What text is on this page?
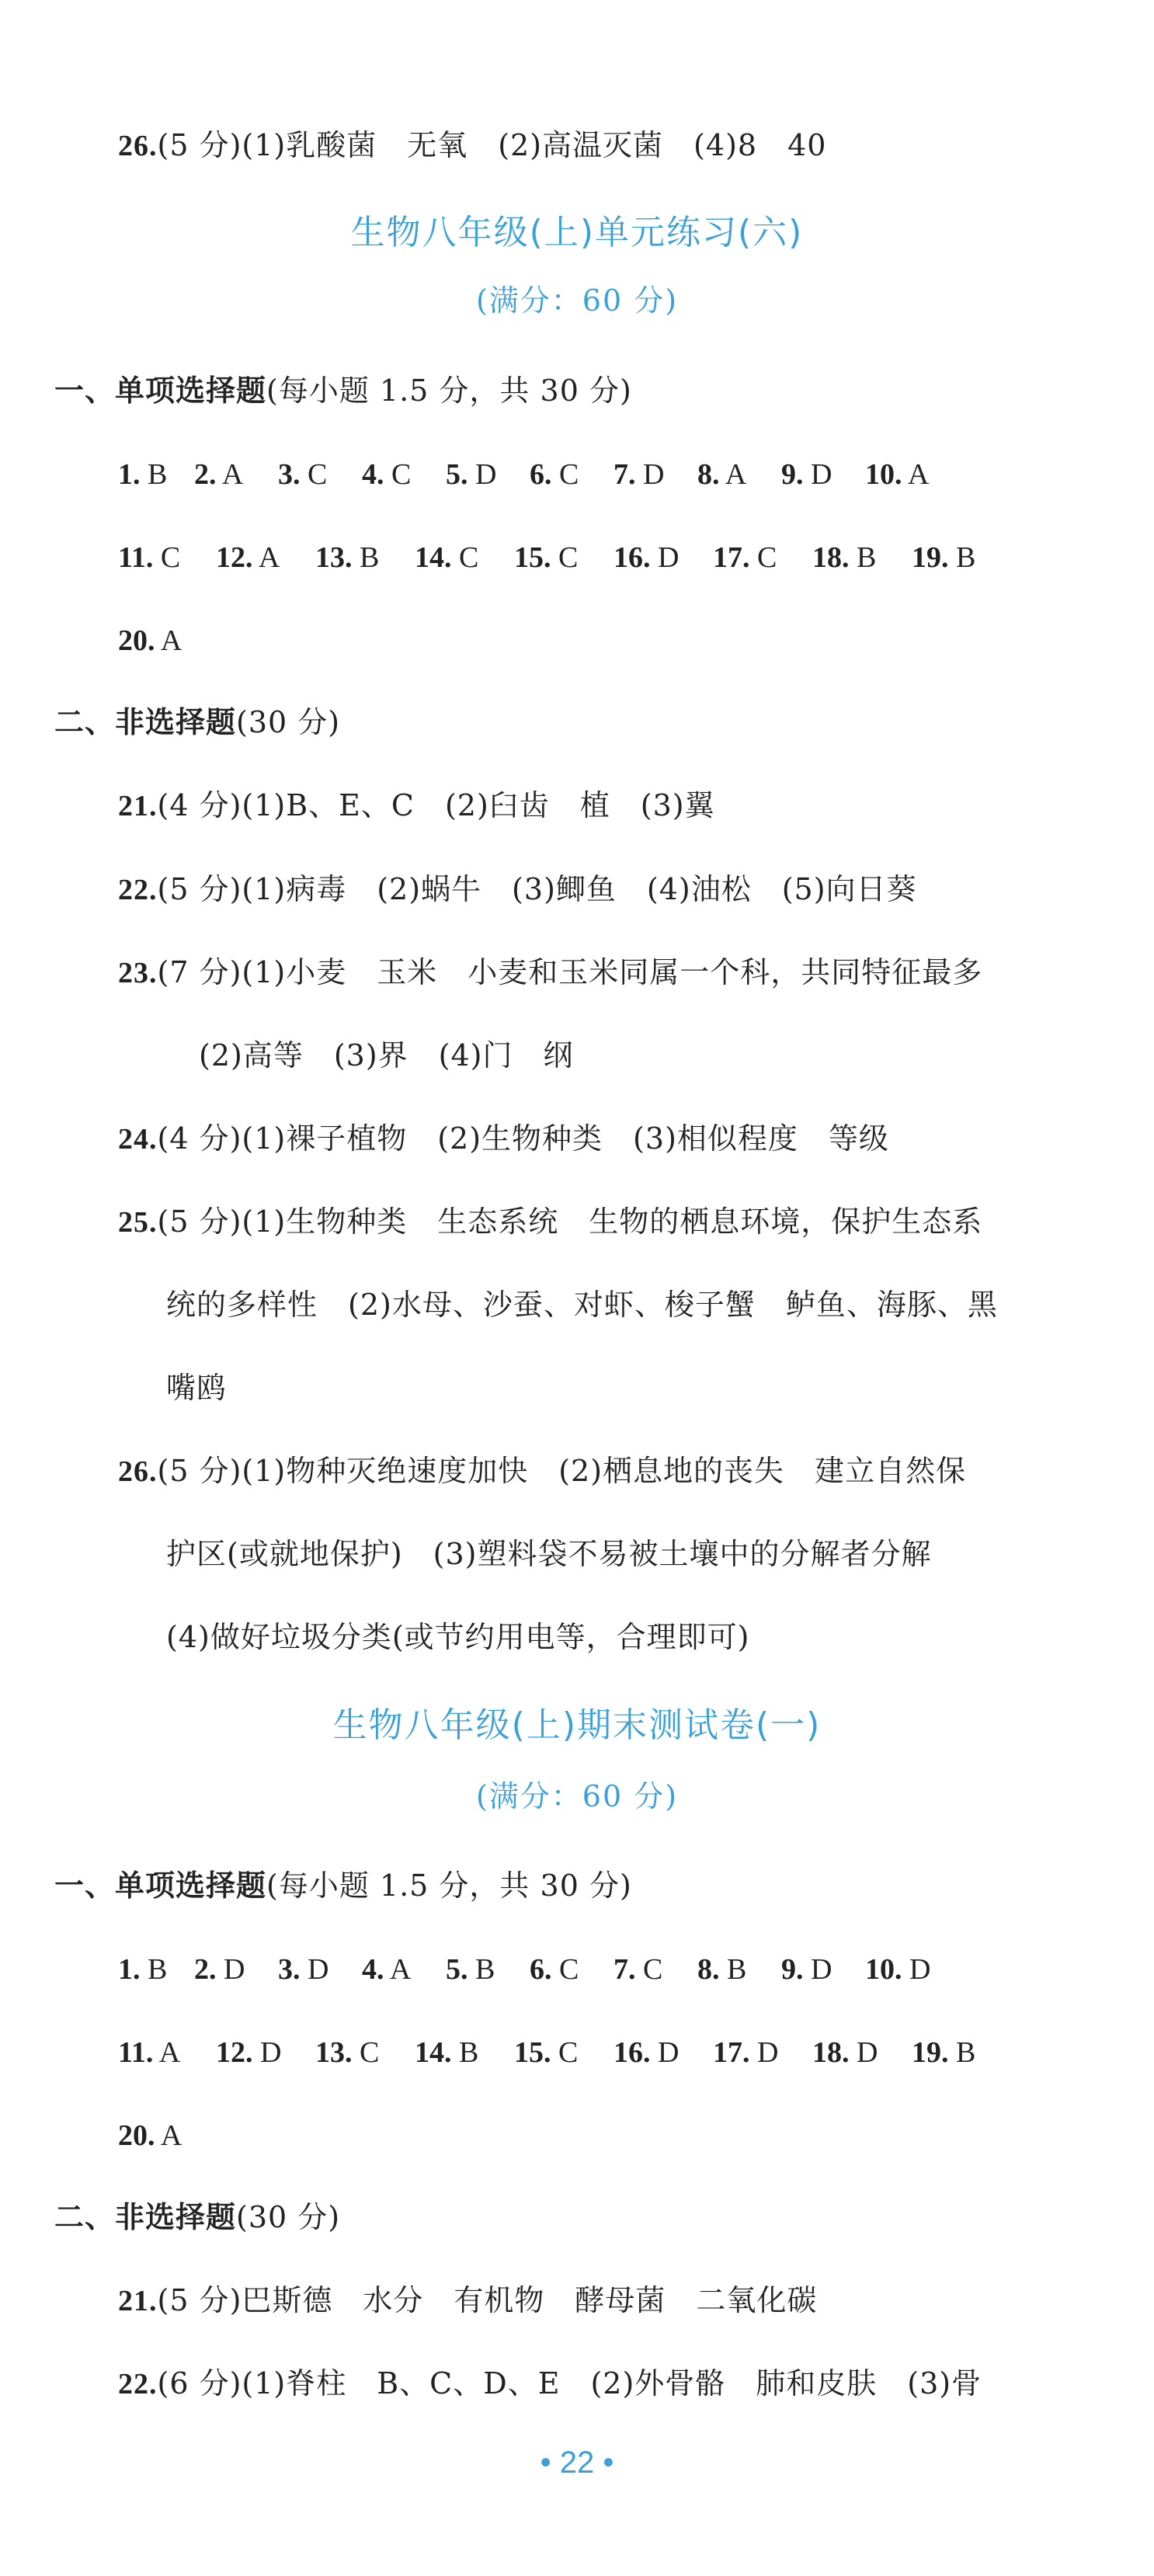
26.(5 分)(1)乳酸菌　无氧　(2)高温灭菌　(4)8　40
生物八年级(上)单元练习(六)
(满分：60 分)
一、单项选择题(每小题 1.5 分，共 30 分)
1. B 2. A 3. C 4. C 5. D 6. C 7. D 8. A 9. D 10. A
11. C 12. A 13. B 14. C 15. C 16. D 17. C 18. B 19. B
20. A
二、非选择题(30 分)
21.(4 分)(1)B、E、C　(2)臼齿　植　(3)翼
22.(5 分)(1)病毒　(2)蜗牛　(3)鲫鱼　(4)油松　(5)向日葵
23.(7 分)(1)小麦　玉米　小麦和玉米同属一个科，共同特征最多
(2)高等　(3)界　(4)门　纲
24.(4 分)(1)裸子植物　(2)生物种类　(3)相似程度　等级
25.(5 分)(1)生物种类　生态系统　生物的栖息环境，保护生态系
统的多样性　(2)水母、沙蚕、对虾、梭子蟹　鲈鱼、海豚、黑
嘴鸥
26.(5 分)(1)物种灭绝速度加快　(2)栖息地的丧失　建立自然保
护区(或就地保护)　(3)塑料袋不易被土壤中的分解者分解
(4)做好垃圾分类(或节约用电等，合理即可)
生物八年级(上)期末测试卷(一)
(满分：60 分)
一、单项选择题(每小题 1.5 分，共 30 分)
1. B 2. D 3. D 4. A 5. B 6. C 7. C 8. B 9. D 10. D
11. A 12. D 13. C 14. B 15. C 16. D 17. D 18. D 19. B
20. A
二、非选择题(30 分)
21.(5 分)巴斯德　水分　有机物　酵母菌　二氧化碳
22.(6 分)(1)脊柱　B、C、D、E　(2)外骨骼　肺和皮肤　(3)骨
• 22 •
